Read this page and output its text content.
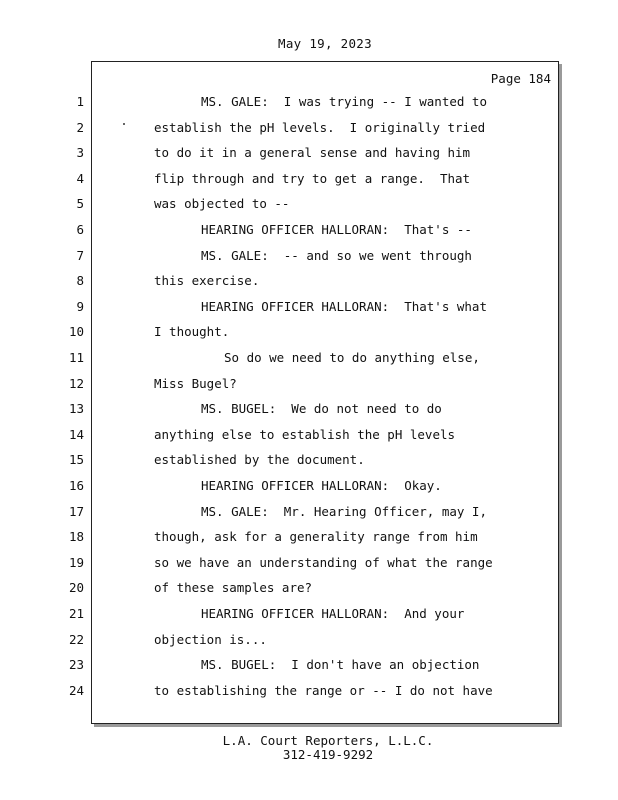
May 19, 2023
Page 184
1	MS. GALE:  I was trying -- I wanted to
2	establish the pH levels.  I originally tried
3	to do it in a general sense and having him
4	flip through and try to get a range.  That
5	was objected to --
6	HEARING OFFICER HALLORAN:  That's --
7	MS. GALE:  -- and so we went through
8	this exercise.
9	HEARING OFFICER HALLORAN:  That's what
10	I thought.
11	So do we need to do anything else,
12	Miss Bugel?
13	MS. BUGEL:  We do not need to do
14	anything else to establish the pH levels
15	established by the document.
16	HEARING OFFICER HALLORAN:  Okay.
17	MS. GALE:  Mr. Hearing Officer, may I,
18	though, ask for a generality range from him
19	so we have an understanding of what the range
20	of these samples are?
21	HEARING OFFICER HALLORAN:  And your
22	objection is...
23	MS. BUGEL:  I don't have an objection
24	to establishing the range or -- I do not have
L.A. Court Reporters, L.L.C.
312-419-9292
